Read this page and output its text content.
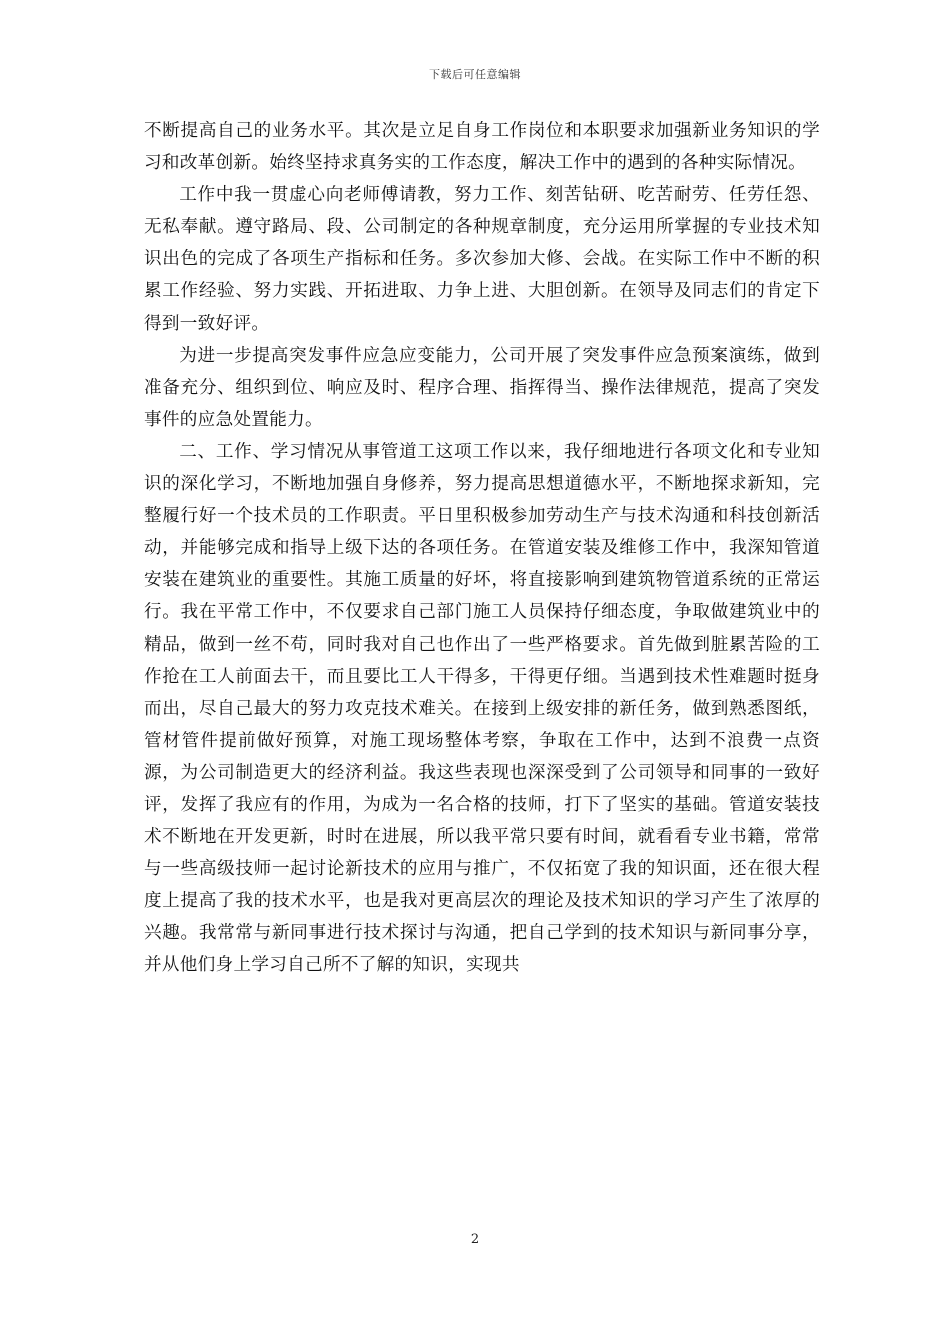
下载后可任意编辑

不断提高自己的业务水平。其次是立足自身工作岗位和本职要求加强新业务知识的学习和改革创新。始终坚持求真务实的工作态度，解决工作中的遇到的各种实际情况。

工作中我一贯虚心向老师傅请教，努力工作、刻苦钻研、吃苦耐劳、任劳任怨、无私奉献。遵守路局、段、公司制定的各种规章制度，充分运用所掌握的专业技术知识出色的完成了各项生产指标和任务。多次参加大修、会战。在实际工作中不断的积累工作经验、努力实践、开拓进取、力争上进、大胆创新。在领导及同志们的肯定下得到一致好评。

为进一步提高突发事件应急应变能力，公司开展了突发事件应急预案演练，做到准备充分、组织到位、响应及时、程序合理、指挥得当、操作法律规范，提高了突发事件的应急处置能力。

二、工作、学习情况从事管道工这项工作以来，我仔细地进行各项文化和专业知识的深化学习，不断地加强自身修养，努力提高思想道德水平，不断地探求新知，完整履行好一个技术员的工作职责。平日里积极参加劳动生产与技术沟通和科技创新活动，并能够完成和指导上级下达的各项任务。在管道安装及维修工作中，我深知管道安装在建筑业的重要性。其施工质量的好坏，将直接影响到建筑物管道系统的正常运行。我在平常工作中，不仅要求自己部门施工人员保持仔细态度，争取做建筑业中的精品，做到一丝不苟，同时我对自己也作出了一些严格要求。首先做到脏累苦险的工作抢在工人前面去干，而且要比工人干得多，干得更仔细。当遇到技术性难题时挺身而出，尽自己最大的努力攻克技术难关。在接到上级安排的新任务，做到熟悉图纸，管材管件提前做好预算，对施工现场整体考察，争取在工作中，达到不浪费一点资源，为公司制造更大的经济利益。我这些表现也深深受到了公司领导和同事的一致好评，发挥了我应有的作用，为成为一名合格的技师，打下了坚实的基础。管道安装技术不断地在开发更新，时时在进展，所以我平常只要有时间，就看看专业书籍，常常与一些高级技师一起讨论新技术的应用与推广，不仅拓宽了我的知识面，还在很大程度上提高了我的技术水平，也是我对更高层次的理论及技术知识的学习产生了浓厚的兴趣。我常常与新同事进行技术探讨与沟通，把自己学到的技术知识与新同事分享，并从他们身上学习自己所不了解的知识，实现共

2
